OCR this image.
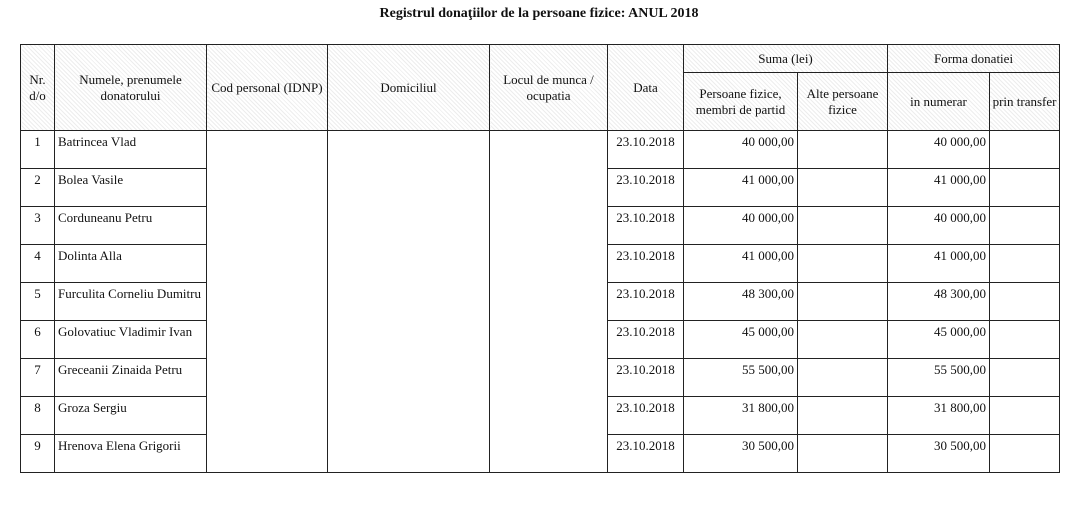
Registrul donaţiilor de la persoane fizice: ANUL 2018
Nr. d/o	Numele, prenumele donatorului	Cod personal (IDNP)	Domiciliul	Locul de munca / ocupatia	Data	Suma (lei)		Forma donatiei	
						Persoane fizice, membri de partid	Alte persoane fizice	in numerar	prin transfer
1	Batrincea Vlad				23.10.2018	40 000,00		40 000,00	
2	Bolea Vasile				23.10.2018	41 000,00		41 000,00	
3	Corduneanu Petru				23.10.2018	40 000,00		40 000,00	
4	Dolinta Alla				23.10.2018	41 000,00		41 000,00	
5	Furculita Corneliu Dumitru				23.10.2018	48 300,00		48 300,00	
6	Golovatiuc Vladimir Ivan				23.10.2018	45 000,00		45 000,00	
7	Greceanii Zinaida Petru				23.10.2018	55 500,00		55 500,00	
8	Groza Sergiu				23.10.2018	31 800,00		31 800,00	
9	Hrenova Elena Grigorii				23.10.2018	30 500,00		30 500,00	
